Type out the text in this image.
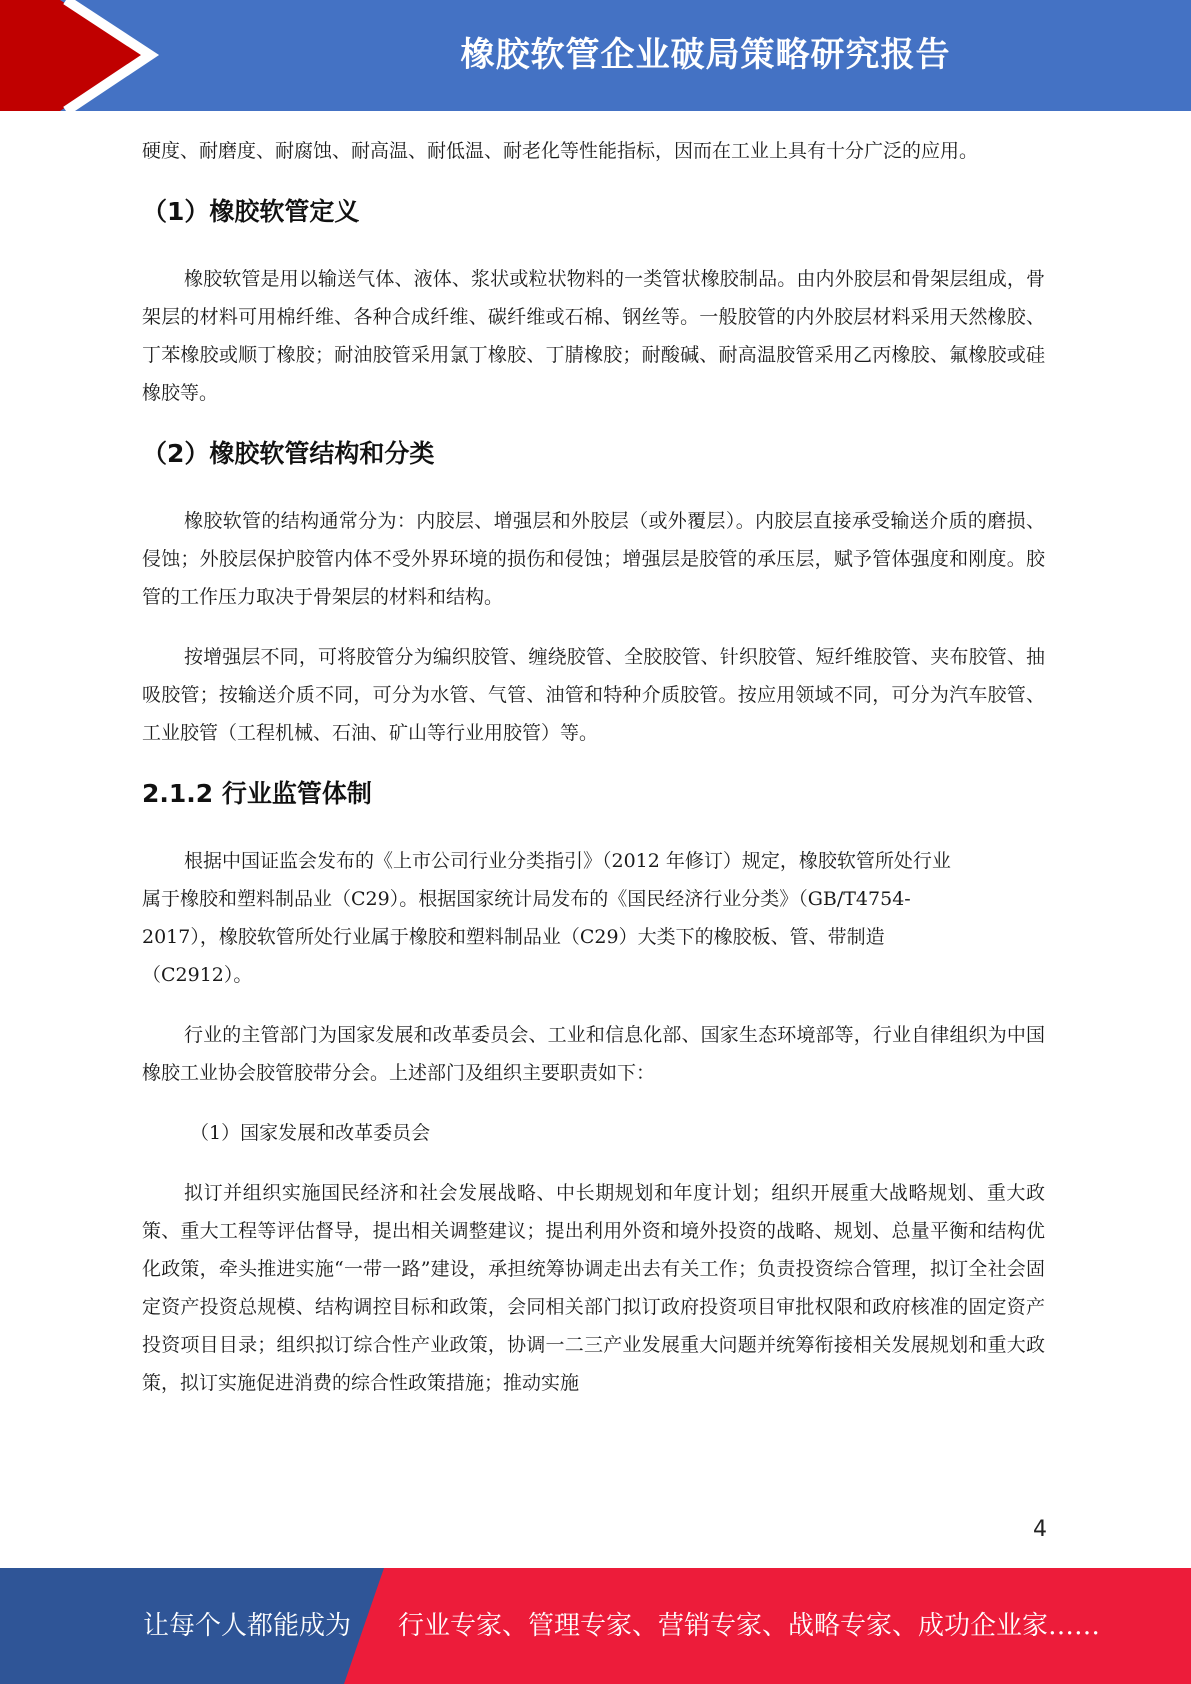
橡胶软管企业破局策略研究报告

硬度、耐磨度、耐腐蚀、耐高温、耐低温、耐老化等性能指标，因而在工业上具有十分广泛的应用。

（1）橡胶软管定义

橡胶软管是用以输送气体、液体、浆状或粒状物料的一类管状橡胶制品。由内外胶层和骨架层组成，骨架层的材料可用棉纤维、各种合成纤维、碳纤维或石棉、钢丝等。一般胶管的内外胶层材料采用天然橡胶、丁苯橡胶或顺丁橡胶；耐油胶管采用氯丁橡胶、丁腈橡胶；耐酸碱、耐高温胶管采用乙丙橡胶、氟橡胶或硅橡胶等。

（2）橡胶软管结构和分类

橡胶软管的结构通常分为：内胶层、增强层和外胶层（或外覆层）。内胶层直接承受输送介质的磨损、侵蚀；外胶层保护胶管内体不受外界环境的损伤和侵蚀；增强层是胶管的承压层，赋予管体强度和刚度。胶管的工作压力取决于骨架层的材料和结构。

按增强层不同，可将胶管分为编织胶管、缠绕胶管、全胶胶管、针织胶管、短纤维胶管、夹布胶管、抽吸胶管；按输送介质不同，可分为水管、气管、油管和特种介质胶管。按应用领域不同，可分为汽车胶管、工业胶管（工程机械、石油、矿山等行业用胶管）等。

2.1.2 行业监管体制

根据中国证监会发布的《上市公司行业分类指引》（2012 年修订）规定，橡胶软管所处行业

属于橡胶和塑料制品业（C29）。根据国家统计局发布的《国民经济行业分类》（GB/T4754-

2017），橡胶软管所处行业属于橡胶和塑料制品业（C29）大类下的橡胶板、管、带制造

（C2912）。

行业的主管部门为国家发展和改革委员会、工业和信息化部、国家生态环境部等，行业自律组织为中国橡胶工业协会胶管胶带分会。上述部门及组织主要职责如下：

（1）国家发展和改革委员会

拟订并组织实施国民经济和社会发展战略、中长期规划和年度计划；组织开展重大战略规划、重大政策、重大工程等评估督导，提出相关调整建议；提出利用外资和境外投资的战略、规划、总量平衡和结构优化政策，牵头推进实施“一带一路”建设，承担统筹协调走出去有关工作；负责投资综合管理，拟订全社会固定资产投资总规模、结构调控目标和政策，会同相关部门拟订政府投资项目审批权限和政府核准的固定资产投资项目目录；组织拟订综合性产业政策，协调一二三产业发展重大问题并统筹衔接相关发展规划和重大政策，拟订实施促进消费的综合性政策措施；推动实施

4
让每个人都能成为 行业专家、管理专家、营销专家、战略专家、成功企业家……
